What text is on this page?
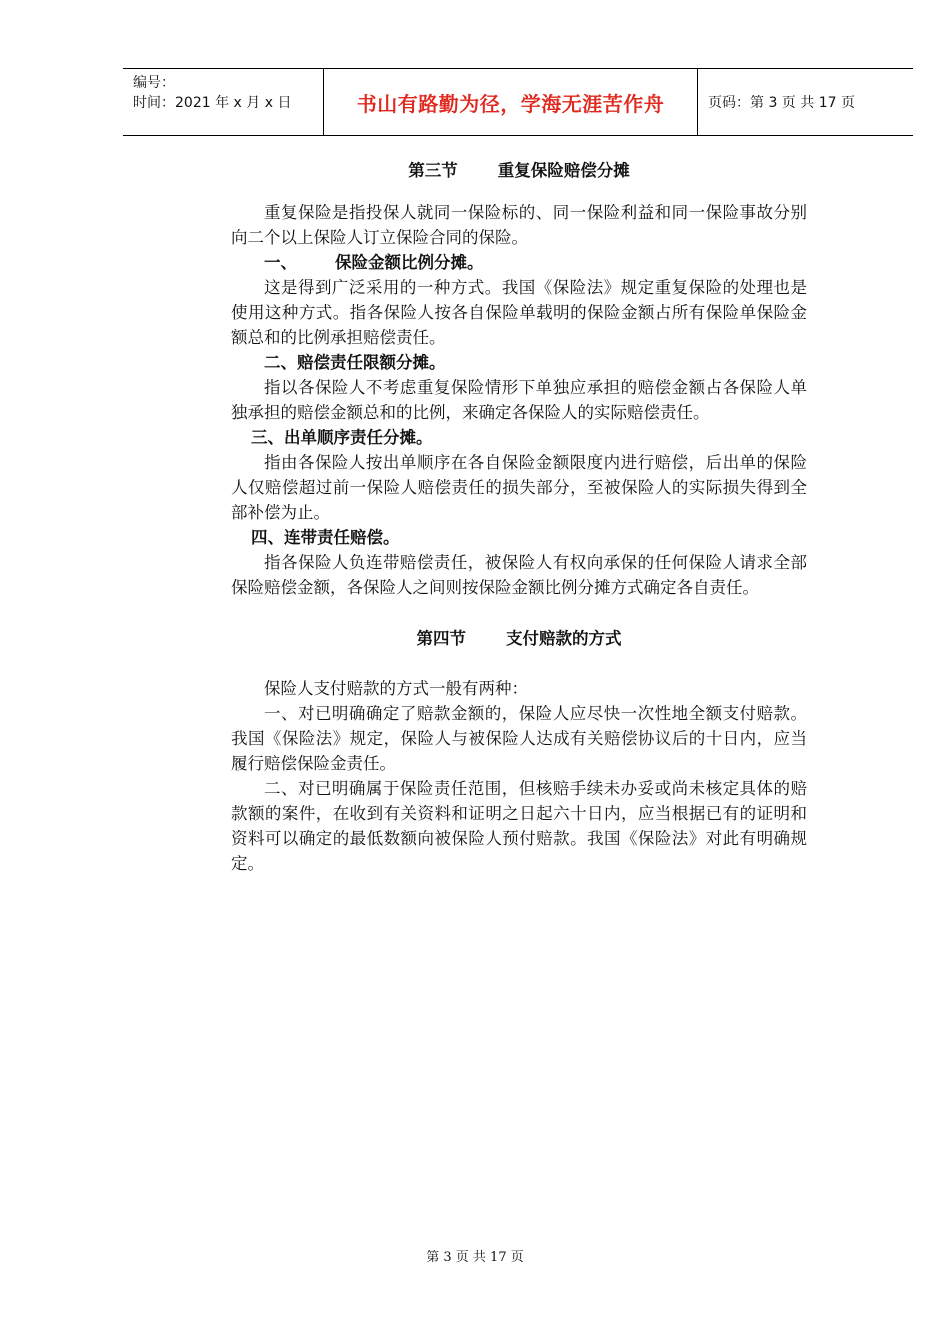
编号：
时间：2021 年 x 月 x 日	书山有路勤为径，学海无涯苦作舟	页码：第 3 页 共 17 页
第三节 重复保险赔偿分摊

重复保险是指投保人就同一保险标的、同一保险利益和同一保险事故分别向二个以上保险人订立保险合同的保险。

一、 保险金额比例分摊。

这是得到广泛采用的一种方式。我国《保险法》规定重复保险的处理也是使用这种方式。指各保险人按各自保险单载明的保险金额占所有保险单保险金额总和的比例承担赔偿责任。

二、赔偿责任限额分摊。

指以各保险人不考虑重复保险情形下单独应承担的赔偿金额占各保险人单独承担的赔偿金额总和的比例，来确定各保险人的实际赔偿责任。

三、出单顺序责任分摊。

指由各保险人按出单顺序在各自保险金额限度内进行赔偿，后出单的保险人仅赔偿超过前一保险人赔偿责任的损失部分，至被保险人的实际损失得到全部补偿为止。

四、连带责任赔偿。

指各保险人负连带赔偿责任，被保险人有权向承保的任何保险人请求全部保险赔偿金额，各保险人之间则按保险金额比例分摊方式确定各自责任。

第四节 支付赔款的方式

保险人支付赔款的方式一般有两种：

一、对已明确确定了赔款金额的，保险人应尽快一次性地全额支付赔款。我国《保险法》规定，保险人与被保险人达成有关赔偿协议后的十日内，应当履行赔偿保险金责任。

二、对已明确属于保险责任范围，但核赔手续未办妥或尚未核定具体的赔款额的案件，在收到有关资料和证明之日起六十日内，应当根据已有的证明和资料可以确定的最低数额向被保险人预付赔款。我国《保险法》对此有明确规定。

第 3 页 共 17 页
